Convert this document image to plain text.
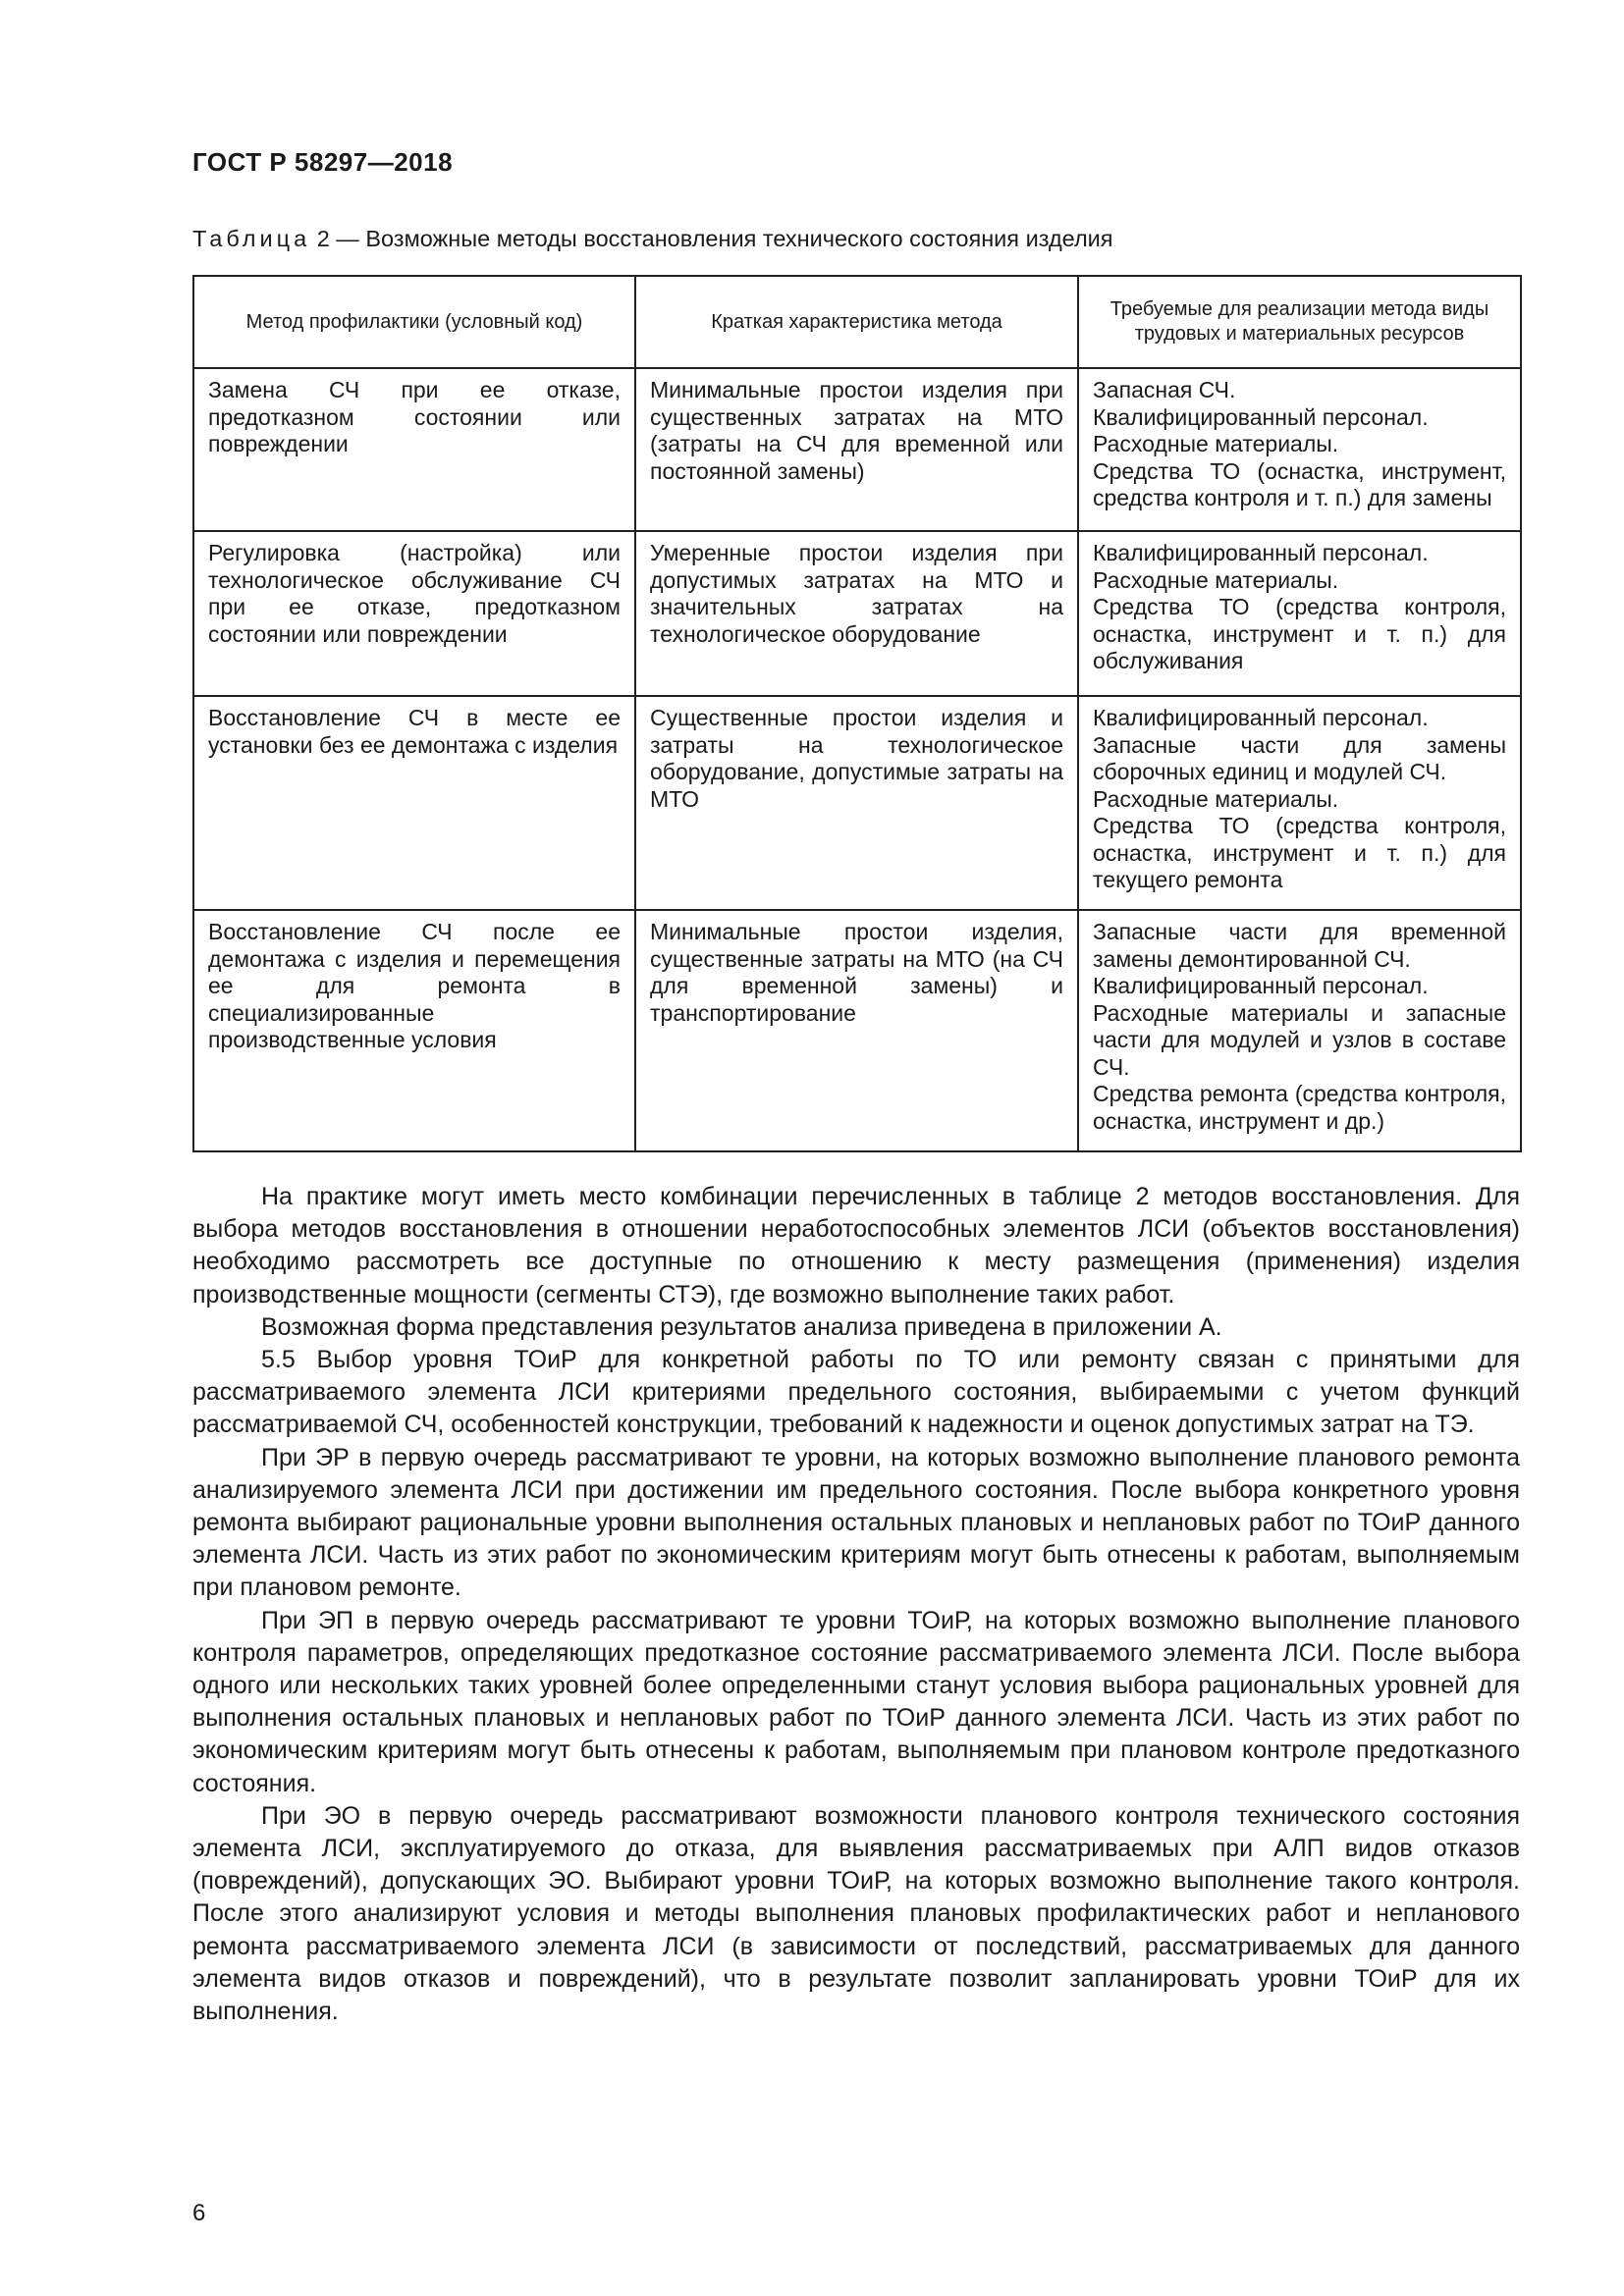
ГОСТ Р 58297—2018
Таблица 2 — Возможные методы восстановления технического состояния изделия
Метод профилактики (условный код)	Краткая характеристика метода	Требуемые для реализации метода виды трудовых и материальных ресурсов
Замена СЧ при ее отказе, предотказном состоянии или повреждении	Минимальные простои изделия при существенных затратах на МТО (затраты на СЧ для временной или постоянной замены)	Запасная СЧ.
Квалифицированный персонал.
Расходные материалы.
Средства ТО (оснастка, инструмент, средства контроля и т. п.) для замены

Регулировка (настройка) или технологическое обслуживание СЧ при ее отказе, предотказном состоянии или повреждении	Умеренные простои изделия при допустимых затратах на МТО и значительных затратах на технологическое оборудование	Квалифицированный персонал.
Расходные материалы.
Средства ТО (средства контроля, оснастка, инструмент и т. п.) для обслуживания

Восстановление СЧ в месте ее установки без ее демонтажа с изделия	Существенные простои изделия и затраты на технологическое оборудование, допустимые затраты на МТО	Квалифицированный персонал.
Запасные части для замены сборочных единиц и модулей СЧ.
Расходные материалы.
Средства ТО (средства контроля, оснастка, инструмент и т. п.) для текущего ремонта

Восстановление СЧ после ее демонтажа с изделия и перемещения ее для ремонта в специализированные производственные условия	Минимальные простои изделия, существенные затраты на МТО (на СЧ для временной замены) и транспортирование	Запасные части для временной замены демонтированной СЧ.
Квалифицированный персонал.
Расходные материалы и запасные части для модулей и узлов в составе СЧ.
Средства ремонта (средства контроля, оснастка, инструмент и др.)

На практике могут иметь место комбинации перечисленных в таблице 2 методов восстановления. Для выбора методов восстановления в отношении неработоспособных элементов ЛСИ (объектов восстановления) необходимо рассмотреть все доступные по отношению к месту размещения (применения) изделия производственные мощности (сегменты СТЭ), где возможно выполнение таких работ.

Возможная форма представления результатов анализа приведена в приложении А.

5.5 Выбор уровня ТОиР для конкретной работы по ТО или ремонту связан с принятыми для рассматриваемого элемента ЛСИ критериями предельного состояния, выбираемыми с учетом функций рассматриваемой СЧ, особенностей конструкции, требований к надежности и оценок допустимых затрат на ТЭ.

При ЭР в первую очередь рассматривают те уровни, на которых возможно выполнение планового ремонта анализируемого элемента ЛСИ при достижении им предельного состояния. После выбора конкретного уровня ремонта выбирают рациональные уровни выполнения остальных плановых и неплановых работ по ТОиР данного элемента ЛСИ. Часть из этих работ по экономическим критериям могут быть отнесены к работам, выполняемым при плановом ремонте.

При ЭП в первую очередь рассматривают те уровни ТОиР, на которых возможно выполнение планового контроля параметров, определяющих предотказное состояние рассматриваемого элемента ЛСИ. После выбора одного или нескольких таких уровней более определенными станут условия выбора рациональных уровней для выполнения остальных плановых и неплановых работ по ТОиР данного элемента ЛСИ. Часть из этих работ по экономическим критериям могут быть отнесены к работам, выполняемым при плановом контроле предотказного состояния.

При ЭО в первую очередь рассматривают возможности планового контроля технического состояния элемента ЛСИ, эксплуатируемого до отказа, для выявления рассматриваемых при АЛП видов отказов (повреждений), допускающих ЭО. Выбирают уровни ТОиР, на которых возможно выполнение такого контроля. После этого анализируют условия и методы выполнения плановых профилактических работ и непланового ремонта рассматриваемого элемента ЛСИ (в зависимости от последствий, рассматриваемых для данного элемента видов отказов и повреждений), что в результате позволит запланировать уровни ТОиР для их выполнения.

6
